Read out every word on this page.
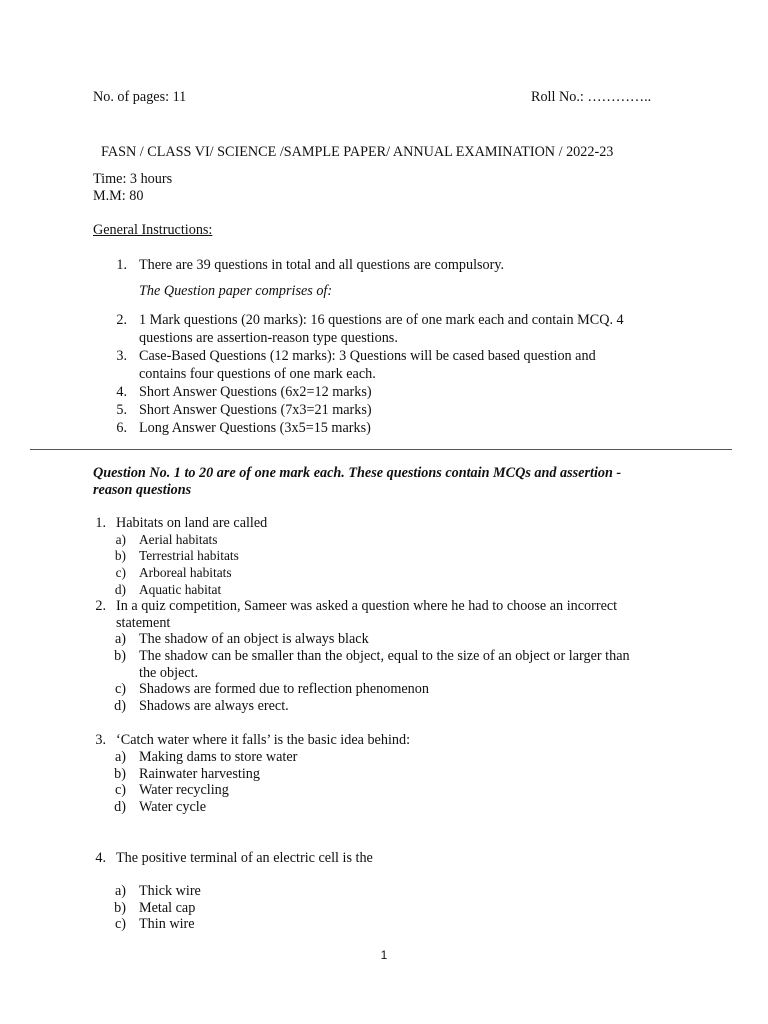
No. of pages: 11	Roll No.: …………..
FASN / CLASS VI/ SCIENCE /SAMPLE PAPER/ ANNUAL EXAMINATION / 2022-23
Time: 3 hours
M.M: 80
General Instructions:
1. There are 39 questions in total and all questions are compulsory.
The Question paper comprises of:
2. 1 Mark questions (20 marks): 16 questions are of one mark each and contain MCQ. 4
questions are assertion-reason type questions.
3. Case-Based Questions (12 marks): 3 Questions will be cased based question and
contains four questions of one mark each.
4. Short Answer Questions (6x2=12 marks)
5. Short Answer Questions (7x3=21 marks)
6. Long Answer Questions (3x5=15 marks)
Question No. 1 to 20 are of one mark each. These questions contain MCQs and assertion -
reason questions
1. Habitats on land are called
a) Aerial habitats
b) Terrestrial habitats
c) Arboreal habitats
d) Aquatic habitat
2. In a quiz competition, Sameer was asked a question where he had to choose an incorrect
statement
a) The shadow of an object is always black
b) The shadow can be smaller than the object, equal to the size of an object or larger than
the object.
c) Shadows are formed due to reflection phenomenon
d) Shadows are always erect.
3. ‘Catch water where it falls’ is the basic idea behind:
a) Making dams to store water
b) Rainwater harvesting
c) Water recycling
d) Water cycle
4. The positive terminal of an electric cell is the
a) Thick wire
b) Metal cap
c) Thin wire
1
